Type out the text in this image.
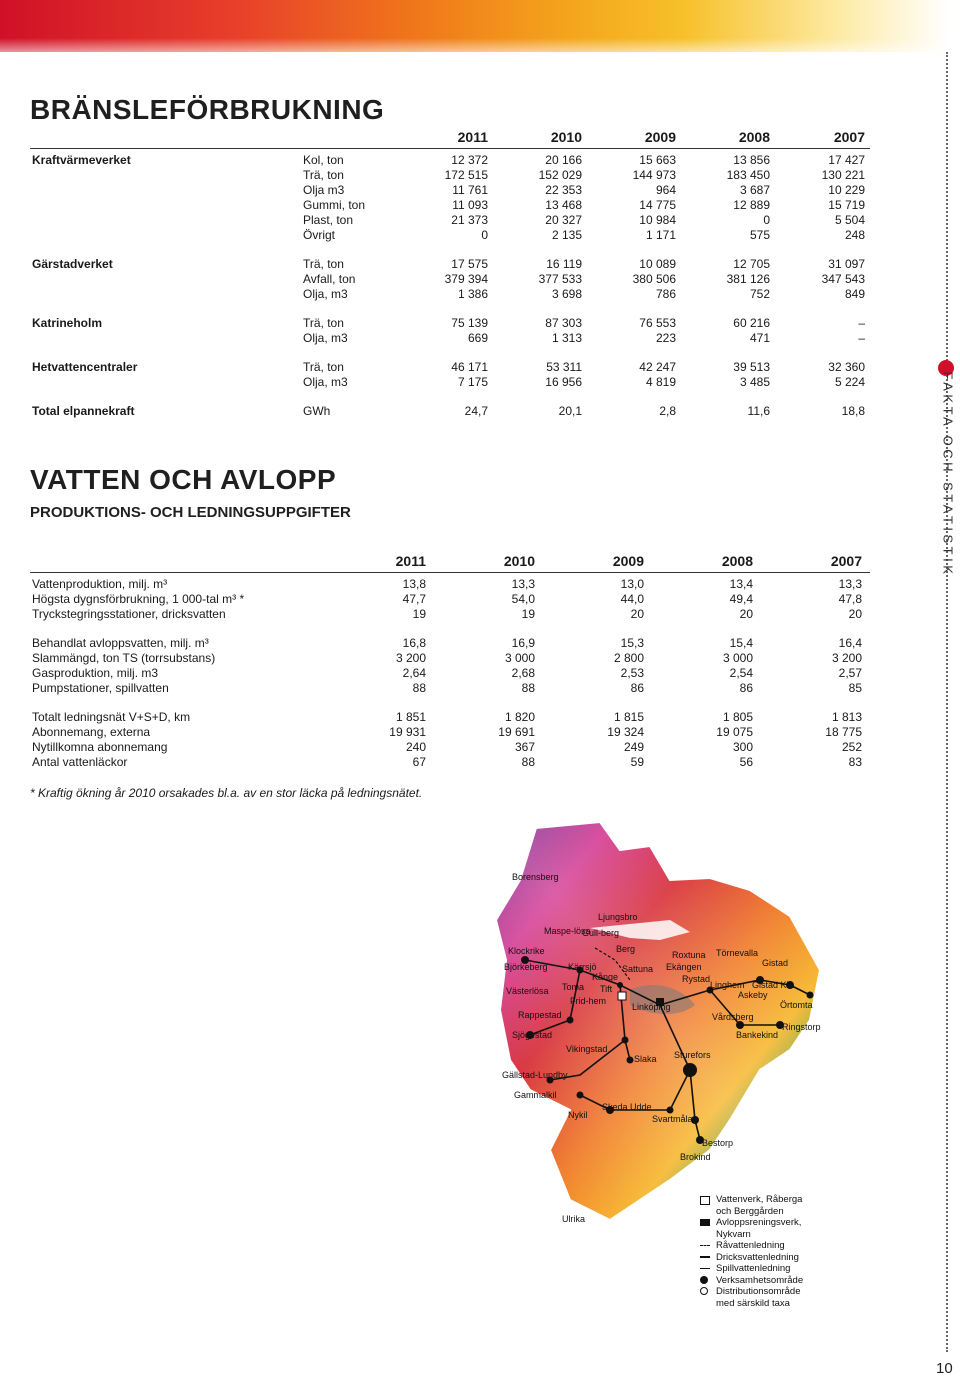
FAKTA OCH STATISTIK
10
BRÄNSLEFÖRBRUKNING
2011	2010	2009	2008	2007
Kraftvärmeverket	Kol, ton	12 372	20 166	15 663	13 856	17 427
Trä, ton	172 515	152 029	144 973	183 450	130 221
Olja m3	11 761	22 353	964	3 687	10 229
Gummi, ton	11 093	13 468	14 775	12 889	15 719
Plast, ton	21 373	20 327	10 984	0	5 504
Övrigt	0	2 135	1 171	575	248
Gärstadverket	Trä, ton	17 575	16 119	10 089	12 705	31 097
Avfall, ton	379 394	377 533	380 506	381 126	347 543
Olja, m3	1 386	3 698	786	752	849
Katrineholm	Trä, ton	75 139	87 303	76 553	60 216	–
Olja, m3	669	1 313	223	471	–
Hetvattencentraler	Trä, ton	46 171	53 311	42 247	39 513	32 360
Olja, m3	7 175	16 956	4 819	3 485	5 224
Total elpannekraft	GWh	24,7	20,1	2,8	11,6	18,8
VATTEN OCH AVLOPP
PRODUKTIONS- OCH LEDNINGSUPPGIFTER
2011	2010	2009	2008	2007
Vattenproduktion, milj. m³	13,8	13,3	13,0	13,4	13,3
Högsta dygnsförbrukning, 1 000-tal m³ *	47,7	54,0	44,0	49,4	47,8
Tryckstegringsstationer, dricksvatten	19	19	20	20	20
Behandlat avloppsvatten, milj. m³	16,8	16,9	15,3	15,4	16,4
Slammängd, ton TS (torrsubstans)	3 200	3 000	2 800	3 000	3 200
Gasproduktion, milj. m3	2,64	2,68	2,53	2,54	2,57
Pumpstationer, spillvatten	88	88	86	86	85
Totalt ledningsnät V+S+D, km	1 851	1 820	1 815	1 805	1 813
Abonnemang, externa	19 931	19 691	19 324	19 075	18 775
Nytillkomna abonnemang	240	367	249	300	252
Antal vattenläckor	67	88	59	56	83
* Kraftig ökning år 2010 orsakades bl.a. av en stor läcka på ledningsnätet.
Borensberg
Ljungsbro
Maspe-lösa
Gull-berg
Klockrike	Berg
Roxtuna Törnevalla
Gistad
Björkeberg Kärrsjö
Kånge
Sattuna Ekängen
Rystad
Linghem Gistad Kia
Askeby
Västerlösa Toma Tift
Frid-hem
Linköping	Örtomta
Rappestad	Vårdsberg
Ringstorp
Sjögestad	Bankekind
Vikingstad
Slaka Sturefors
Gällstad-Lundby
Gammalkil
Nykil
Skeda Udde
Svartmåla
Bestorp
Brokind
Ulrika
Vattenverk, Råberga
och Berggården
Avloppsreningsverk,
Nykvarn
Råvattenledning
Dricksvattenledning
Spillvattenledning
Verksamhetsområde
Distributionsområde
med särskild taxa
